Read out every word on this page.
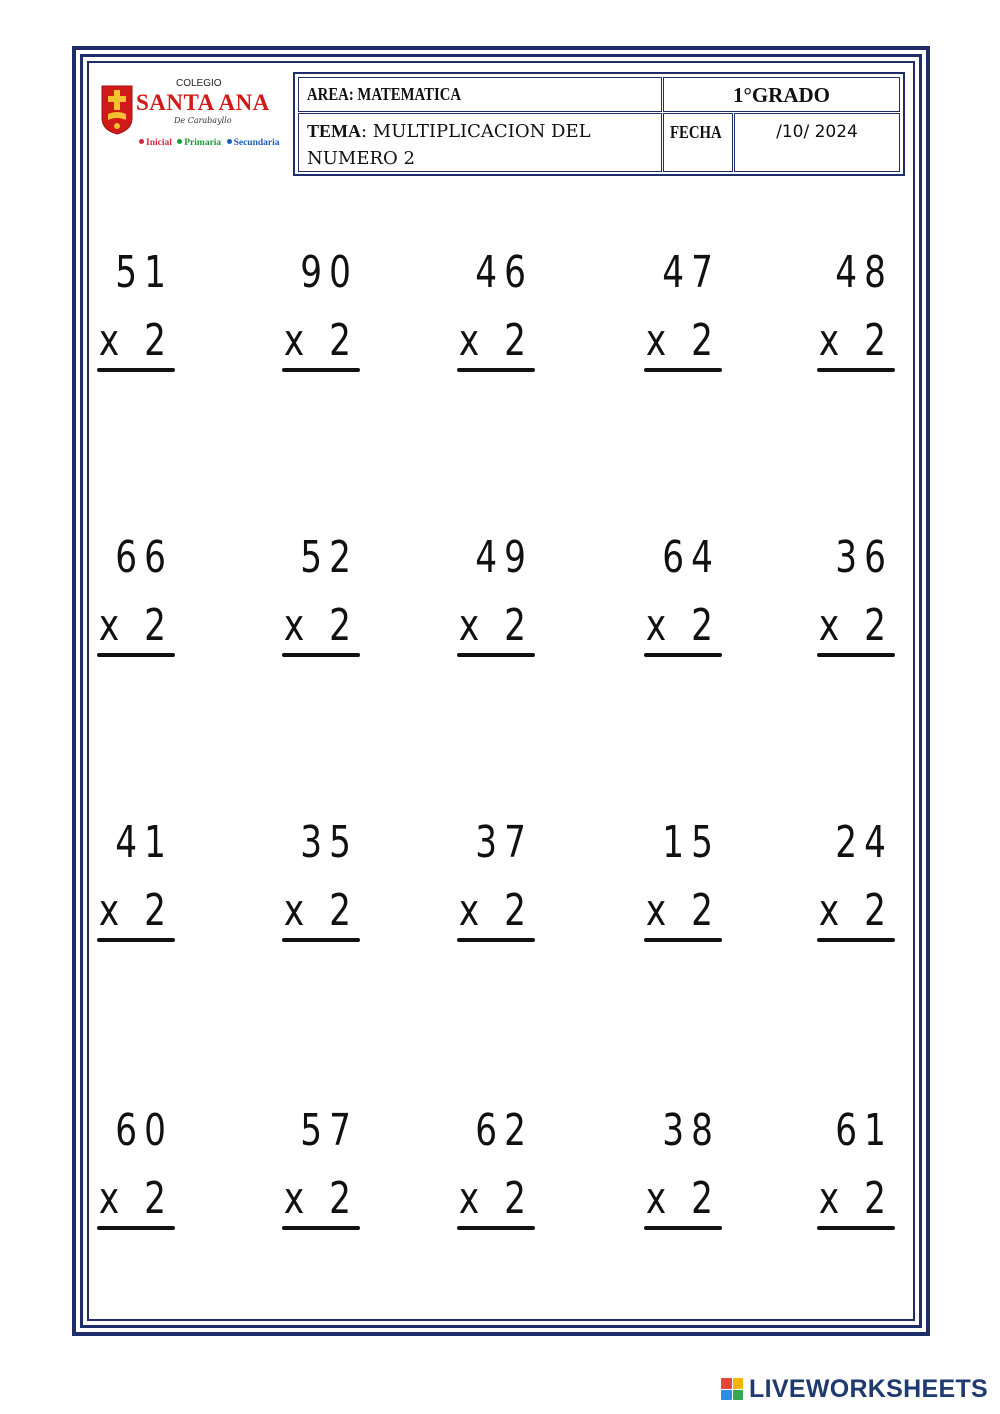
COLEGIO
SANTA ANA
De Carabayllo
Inicial Primaria Secundaria
AREA: MATEMATICA	1°GRADO
TEMA: MULTIPLICACION DEL NUMERO 2
FECHA	/10/ 2024
51
x 2
90
x 2
46
x 2
47
x 2
48
x 2
66
x 2
52
x 2
49
x 2
64
x 2
36
x 2
41
x 2
35
x 2
37
x 2
15
x 2
24
x 2
60
x 2
57
x 2
62
x 2
38
x 2
61
x 2
LIVEWORKSHEETS
